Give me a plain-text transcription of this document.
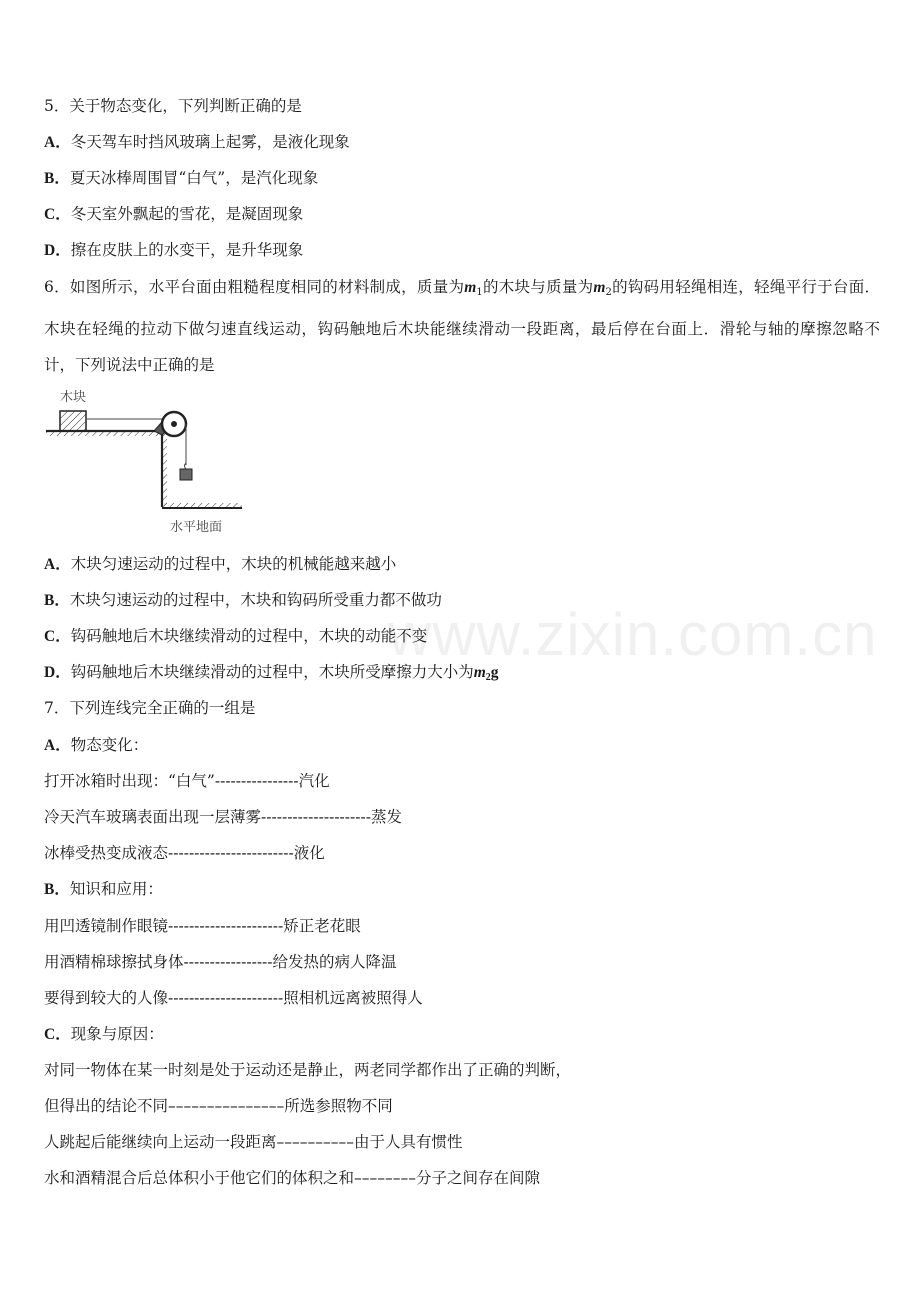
5．关于物态变化，下列判断正确的是
A．冬天驾车时挡风玻璃上起雾，是液化现象
B．夏天冰棒周围冒“白气”，是汽化现象
C．冬天室外飘起的雪花，是凝固现象
D．擦在皮肤上的水变干，是升华现象
6．如图所示，水平台面由粗糙程度相同的材料制成，质量为$m_1$的木块与质量为$m_2$的钩码用轻绳相连，轻绳平行于台面．木块在轻绳的拉动下做匀速直线运动，钩码触地后木块能继续滑动一段距离，最后停在台面上．滑轮与轴的摩擦忽略不计，下列说法中正确的是
木块
水平地面
A．木块匀速运动的过程中，木块的机械能越来越小
B．木块匀速运动的过程中，木块和钩码所受重力都不做功
C．钩码触地后木块继续滑动的过程中，木块的动能不变
D．钩码触地后木块继续滑动的过程中，木块所受摩擦力大小为$m_2g$
www.zixin.com.cn
7．下列连线完全正确的一组是
A．物态变化：
打开冰箱时出现：“白气”----------------汽化
冷天汽车玻璃表面出现一层薄雾---------------------蒸发
冰棒受热变成液态------------------------液化
B．知识和应用：
用凹透镜制作眼镜----------------------矫正老花眼
用酒精棉球擦拭身体-----------------给发热的病人降温
要得到较大的人像----------------------照相机远离被照得人
C．现象与原因：
对同一物体在某一时刻是处于运动还是静止，两老同学都作出了正确的判断，
但得出的结论不同–––––––––––––––所选参照物不同
人跳起后能继续向上运动一段距离––––––––––由于人具有惯性
水和酒精混合后总体积小于他它们的体积之和––––––––分子之间存在间隙
